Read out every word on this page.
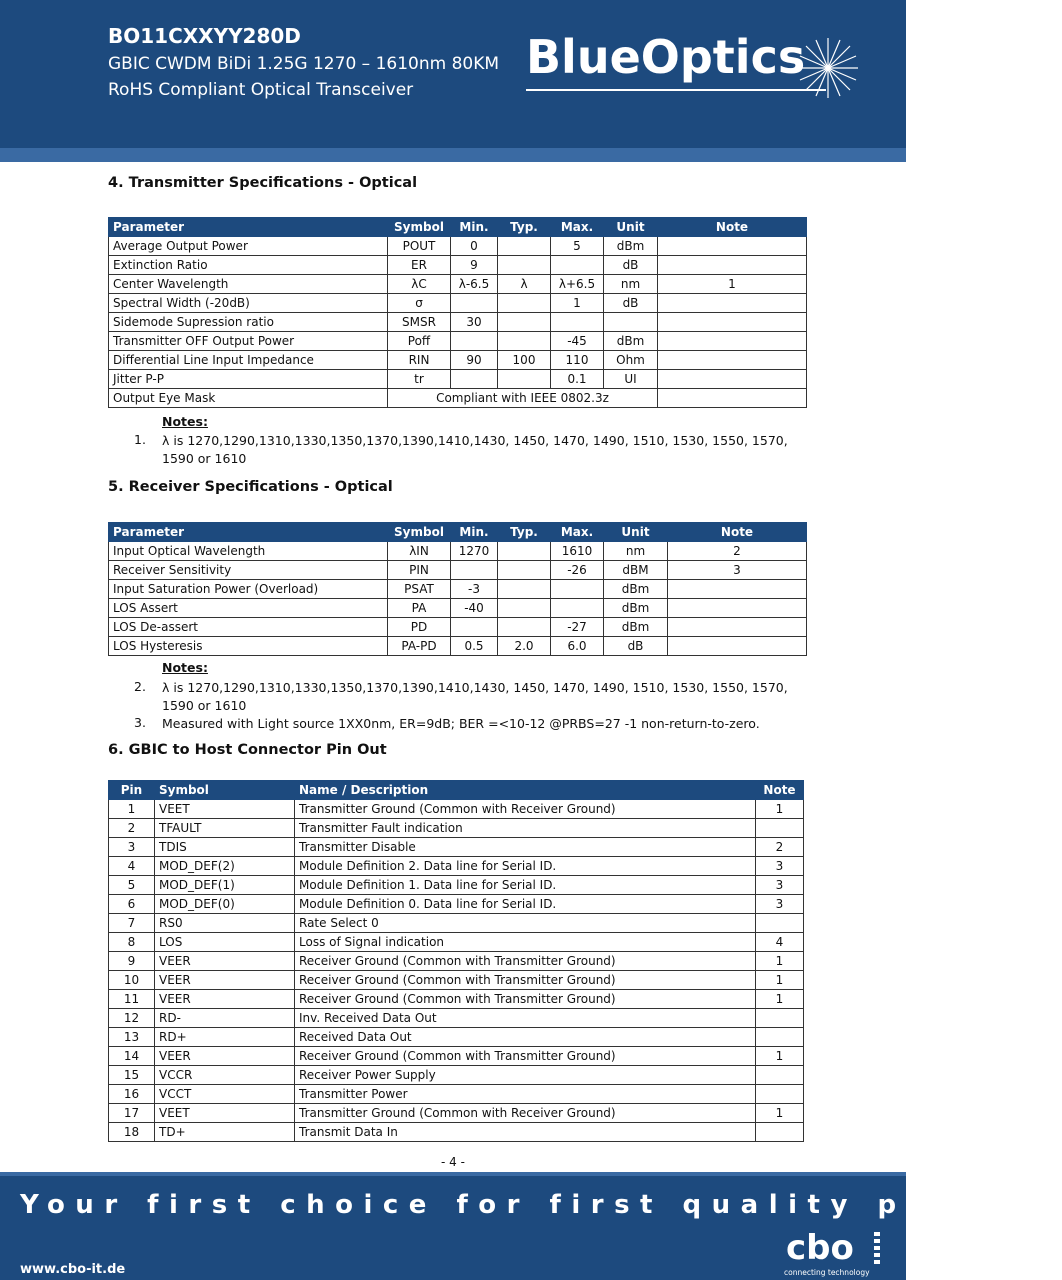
BO11CXXYY280D
GBIC CWDM BiDi 1.25G 1270 – 1610nm 80KM
RoHS Compliant Optical Transceiver
BlueOptics
4. Transmitter Specifications - Optical
Parameter	Symbol	Min.	Typ.	Max.	Unit	Note
Average Output Power	POUT	0		5	dBm	
Extinction Ratio	ER	9			dB	
Center Wavelength	λC	λ-6.5	λ	λ+6.5	nm	1
Spectral Width (-20dB)	σ			1	dB	
Sidemode Supression ratio	SMSR	30				
Transmitter OFF Output Power	Poff			-45	dBm	
Differential Line Input Impedance	RIN	90	100	110	Ohm	
Jitter P-P	tr			0.1	UI	
Output Eye Mask	Compliant with IEEE 0802.3z					
Notes:
1. λ is 1270,1290,1310,1330,1350,1370,1390,1410,1430, 1450, 1470, 1490, 1510, 1530, 1550, 1570, 1590 or 1610
5. Receiver Specifications - Optical
Parameter	Symbol	Min.	Typ.	Max.	Unit	Note
Input Optical Wavelength	λIN	1270		1610	nm	2
Receiver Sensitivity	PIN			-26	dBM	3
Input Saturation Power (Overload)	PSAT	-3			dBm	
LOS Assert	PA	-40			dBm	
LOS De-assert	PD			-27	dBm	
LOS Hysteresis	PA-PD	0.5	2.0	6.0	dB	
Notes:
2. λ is 1270,1290,1310,1330,1350,1370,1390,1410,1430, 1450, 1470, 1490, 1510, 1530, 1550, 1570, 1590 or 1610
3. Measured with Light source 1XX0nm, ER=9dB; BER =<10-12 @PRBS=27 -1 non-return-to-zero.
6. GBIC to Host Connector Pin Out
Pin	Symbol	Name / Description	Note
1	VEET	Transmitter Ground (Common with Receiver Ground)	1
2	TFAULT	Transmitter Fault indication	
3	TDIS	Transmitter Disable	2
4	MOD_DEF(2)	Module Definition 2. Data line for Serial ID.	3
5	MOD_DEF(1)	Module Definition 1. Data line for Serial ID.	3
6	MOD_DEF(0)	Module Definition 0. Data line for Serial ID.	3
7	RS0	Rate Select 0	
8	LOS	Loss of Signal indication	4
9	VEER	Receiver Ground (Common with Transmitter Ground)	1
10	VEER	Receiver Ground (Common with Transmitter Ground)	1
11	VEER	Receiver Ground (Common with Transmitter Ground)	1
12	RD-	Inv. Received Data Out	
13	RD+	Received Data Out	
14	VEER	Receiver Ground (Common with Transmitter Ground)	1
15	VCCR	Receiver Power Supply	
16	VCCT	Transmitter Power	
17	VEET	Transmitter Ground (Common with Receiver Ground)	1
18	TD+	Transmit Data In	
- 4 -
Your first choice for first quality prodcts
www.cbo-it.de
cbo
connecting technology
